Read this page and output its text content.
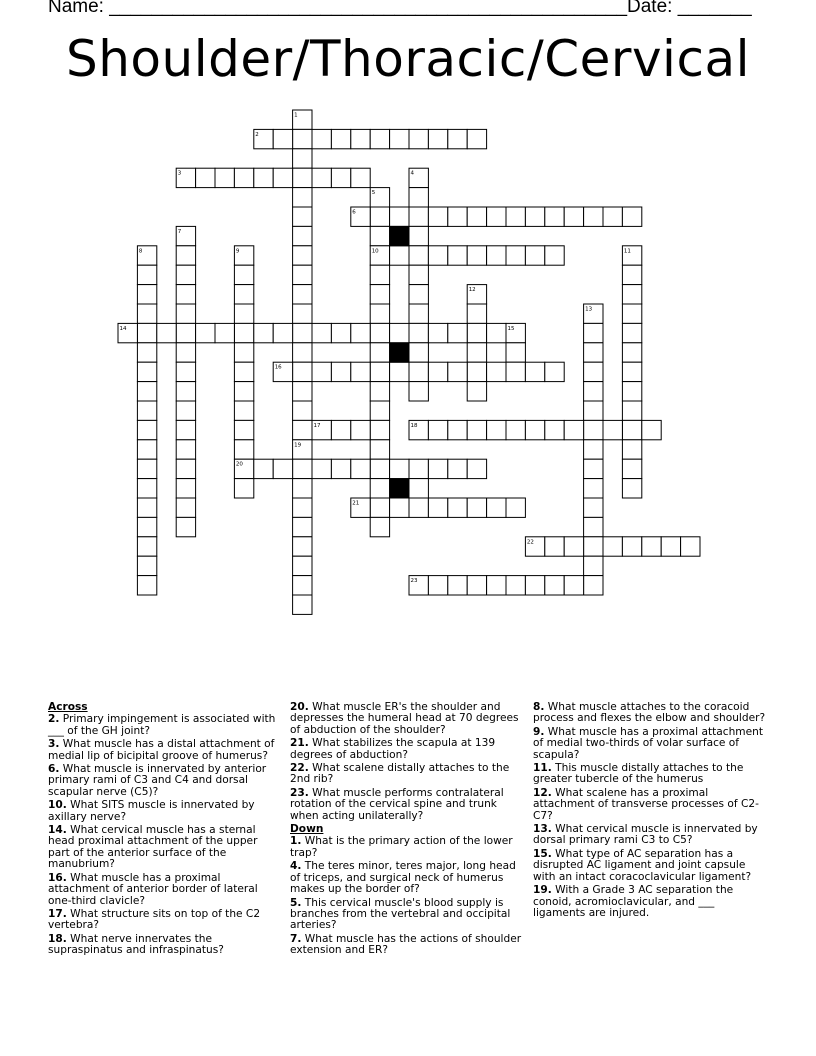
Name: _________________________________________________ Date: _______
Shoulder/Thoracic/Cervical
1
2
3	4
5
6
7
8	9	10	11
12
13
14	15
16
17	18
19
20
21
22
23
Across
2. Primary impingement is associated with ___ of the GH joint?
3. What muscle has a distal attachment of medial lip of bicipital groove of humerus?
6. What muscle is innervated by anterior primary rami of C3 and C4 and dorsal scapular nerve (C5)?
10. What SITS muscle is innervated by axillary nerve?
14. What cervical muscle has a sternal head proximal attachment of the upper part of the anterior surface of the manubrium?
16. What muscle has a proximal attachment of anterior border of lateral one-third clavicle?
17. What structure sits on top of the C2 vertebra?
18. What nerve innervates the supraspinatus and infraspinatus?
20. What muscle ER's the shoulder and depresses the humeral head at 70 degrees of abduction of the shoulder?
21. What stabilizes the scapula at 139 degrees of abduction?
22. What scalene distally attaches to the 2nd rib?
23. What muscle performs contralateral rotation of the cervical spine and trunk when acting unilaterally?
Down
1. What is the primary action of the lower trap?
4. The teres minor, teres major, long head of triceps, and surgical neck of humerus makes up the border of?
5. This cervical muscle's blood supply is branches from the vertebral and occipital arteries?
7. What muscle has the actions of shoulder extension and ER?
8. What muscle attaches to the coracoid process and flexes the elbow and shoulder?
9. What muscle has a proximal attachment of medial two-thirds of volar surface of scapula?
11. This muscle distally attaches to the greater tubercle of the humerus
12. What scalene has a proximal attachment of transverse processes of C2-C7?
13. What cervical muscle is innervated by dorsal primary rami C3 to C5?
15. What type of AC separation has a disrupted AC ligament and joint capsule with an intact coracoclavicular ligament?
19. With a Grade 3 AC separation the conoid, acromioclavicular, and ___ ligaments are injured.
